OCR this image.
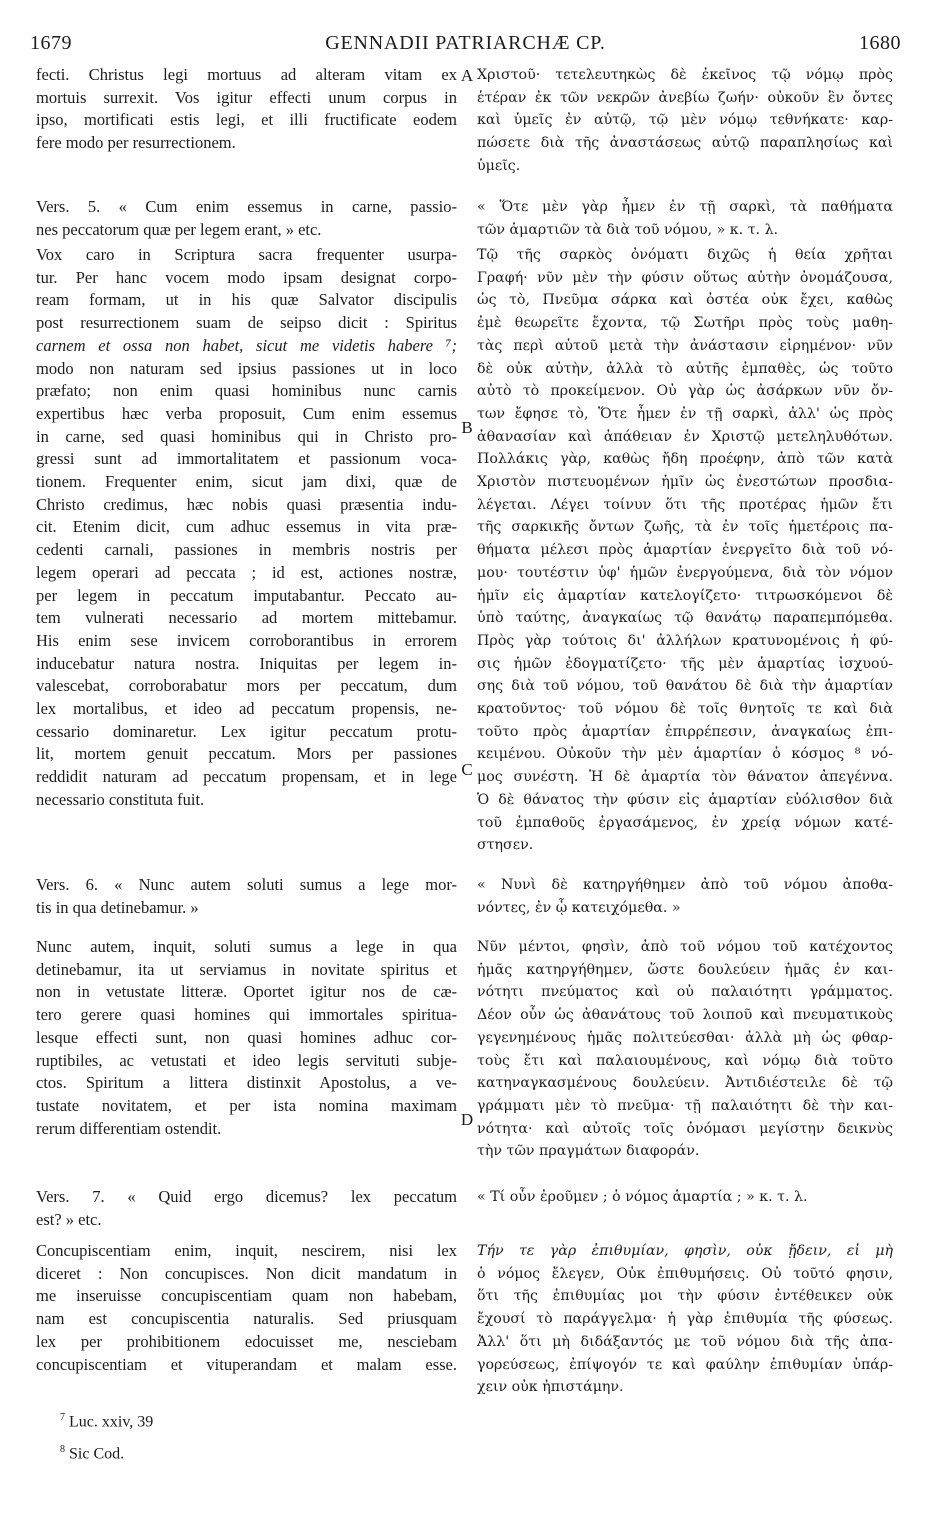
1679	GENNADII PATRIARCHÆ CP.	1680
A
B
C
D
fecti. Christus legi mortuus ad alteram vitam ex
mortuis surrexit. Vos igitur effecti unum corpus in
ipso, mortificati estis legi, et illi fructificate eodem
fere modo per resurrectionem.
Vers. 5. « Cum enim essemus in carne, passio-
nes peccatorum quæ per legem erant, » etc.
Vox caro in Scriptura sacra frequenter usurpa-
tur. Per hanc vocem modo ipsam designat corpo-
ream formam, ut in his quæ Salvator discipulis
post resurrectionem suam de seipso dicit : Spiritus
carnem et ossa non habet, sicut me videtis habere ⁷;
modo non naturam sed ipsius passiones ut in loco
præfato; non enim quasi hominibus nunc carnis
expertibus hæc verba proposuit, Cum enim essemus
in carne, sed quasi hominibus qui in Christo pro-
gressi sunt ad immortalitatem et passionum voca-
tionem. Frequenter enim, sicut jam dixi, quæ de
Christo credimus, hæc nobis quasi præsentia indu-
cit. Etenim dicit, cum adhuc essemus in vita præ-
cedenti carnali, passiones in membris nostris per
legem operari ad peccata ; id est, actiones nostræ,
per legem in peccatum imputabantur. Peccato au-
tem vulnerati necessario ad mortem mittebamur.
His enim sese invicem corroborantibus in errorem
inducebatur natura nostra. Iniquitas per legem in-
valescebat, corroborabatur mors per peccatum, dum
lex mortalibus, et ideo ad peccatum propensis, ne-
cessario dominaretur. Lex igitur peccatum protu-
lit, mortem genuit peccatum. Mors per passiones
reddidit naturam ad peccatum propensam, et in lege
necessario constituta fuit.
Vers. 6. « Nunc autem soluti sumus a lege mor-
tis in qua detinebamur. »
Nunc autem, inquit, soluti sumus a lege in qua
detinebamur, ita ut serviamus in novitate spiritus et
non in vetustate litteræ. Oportet igitur nos de cæ-
tero gerere quasi homines qui immortales spiritua-
lesque effecti sunt, non quasi homines adhuc cor-
ruptibiles, ac vetustati et ideo legis servituti subje-
ctos. Spiritum a littera distinxit Apostolus, a ve-
tustate novitatem, et per ista nomina maximam
rerum differentiam ostendit.
Vers. 7. « Quid ergo dicemus? lex peccatum
est? » etc.
Concupiscentiam enim, inquit, nescirem, nisi lex
diceret : Non concupisces. Non dicit mandatum in
me inseruisse concupiscentiam quam non habebam,
nam est concupiscentia naturalis. Sed priusquam
lex per prohibitionem edocuisset me, nesciebam
concupiscentiam et vituperandam et malam esse.
Χριστοῦ· τετελευτηκὼς δὲ ἐκεῖνος τῷ νόμῳ πρὸς
ἑτέραν ἐκ τῶν νεκρῶν ἀνεβίω ζωήν· οὐκοῦν ἓν ὄντες
καὶ ὑμεῖς ἐν αὐτῷ, τῷ μὲν νόμῳ τεθνήκατε· καρ-
πώσετε διὰ τῆς ἀναστάσεως αὐτῷ παραπλησίως καὶ
ὑμεῖς.
« Ὅτε μὲν γὰρ ἦμεν ἐν τῇ σαρκὶ, τὰ παθήματα
τῶν ἁμαρτιῶν τὰ διὰ τοῦ νόμου, » κ. τ. λ.
Τῷ τῆς σαρκὸς ὀνόματι διχῶς ἡ θεία χρῆται
Γραφή· νῦν μὲν τὴν φύσιν οὕτως αὐτὴν ὀνομάζουσα,
ὡς τὸ, Πνεῦμα σάρκα καὶ ὀστέα οὐκ ἔχει, καθὼς
ἐμὲ θεωρεῖτε ἔχοντα, τῷ Σωτῆρι πρὸς τοὺς μαθη-
τὰς περὶ αὐτοῦ μετὰ τὴν ἀνάστασιν εἰρημένον· νῦν
δὲ οὐκ αὐτὴν, ἀλλὰ τὸ αὐτῆς ἐμπαθὲς, ὡς τοῦτο
αὐτὸ τὸ προκείμενον. Οὐ γὰρ ὡς ἀσάρκων νῦν ὄν-
των ἔφησε τὸ, Ὅτε ἦμεν ἐν τῇ σαρκὶ, ἀλλ' ὡς πρὸς
ἀθανασίαν καὶ ἀπάθειαν ἐν Χριστῷ μετεληλυθότων.
Πολλάκις γὰρ, καθὼς ἤδη προέφην, ἀπὸ τῶν κατὰ
Χριστὸν πιστευομένων ἡμῖν ὡς ἐνεστώτων προσδια-
λέγεται. Λέγει τοίνυν ὅτι τῆς προτέρας ἡμῶν ἔτι
τῆς σαρκικῆς ὄντων ζωῆς, τὰ ἐν τοῖς ἡμετέροις πα-
θήματα μέλεσι πρὸς ἁμαρτίαν ἐνεργεῖτο διὰ τοῦ νό-
μου· τουτέστιν ὑφ' ἡμῶν ἐνεργούμενα, διὰ τὸν νόμον
ἡμῖν εἰς ἁμαρτίαν κατελογίζετο· τιτρωσκόμενοι δὲ
ὑπὸ ταύτης, ἀναγκαίως τῷ θανάτῳ παραπεμπόμεθα.
Πρὸς γὰρ τούτοις δι' ἀλλήλων κρατυνομένοις ἡ φύ-
σις ἡμῶν ἐδογματίζετο· τῆς μὲν ἁμαρτίας ἰσχυού-
σης διὰ τοῦ νόμου, τοῦ θανάτου δὲ διὰ τὴν ἁμαρτίαν
κρατοῦντος· τοῦ νόμου δὲ τοῖς θνητοῖς τε καὶ διὰ
τοῦτο πρὸς ἁμαρτίαν ἐπιρρέπεσιν, ἀναγκαίως ἐπι-
κειμένου. Οὐκοῦν τὴν μὲν ἁμαρτίαν ὁ κόσμος ⁸ νό-
μος συνέστη. Ἡ δὲ ἁμαρτία τὸν θάνατον ἀπεγέννα.
Ὁ δὲ θάνατος τὴν φύσιν εἰς ἁμαρτίαν εὐόλισθον διὰ
τοῦ ἐμπαθοῦς ἐργασάμενος, ἐν χρείᾳ νόμων κατέ-
στησεν.
« Νυνὶ δὲ κατηργήθημεν ἀπὸ τοῦ νόμου ἀποθα-
νόντες, ἐν ᾧ κατειχόμεθα. »
Νῦν μέντοι, φησὶν, ἀπὸ τοῦ νόμου τοῦ κατέχοντος
ἡμᾶς κατηργήθημεν, ὥστε δουλεύειν ἡμᾶς ἐν και-
νότητι πνεύματος καὶ οὐ παλαιότητι γράμματος.
Δέον οὖν ὡς ἀθανάτους τοῦ λοιποῦ καὶ πνευματικοὺς
γεγενημένους ἡμᾶς πολιτεύεσθαι· ἀλλὰ μὴ ὡς φθαρ-
τοὺς ἔτι καὶ παλαιουμένους, καὶ νόμῳ διὰ τοῦτο
κατηναγκασμένους δουλεύειν. Ἀντιδιέστειλε δὲ τῷ
γράμματι μὲν τὸ πνεῦμα· τῇ παλαιότητι δὲ τὴν και-
νότητα· καὶ αὐτοῖς τοῖς ὀνόμασι μεγίστην δεικνὺς
τὴν τῶν πραγμάτων διαφοράν.
« Τί οὖν ἐροῦμεν ; ὁ νόμος ἁμαρτία ; » κ. τ. λ.
Τήν τε γὰρ ἐπιθυμίαν, φησὶν, οὐκ ᾔδειν, εἰ μὴ
ὁ νόμος ἔλεγεν, Οὐκ ἐπιθυμήσεις. Οὐ τοῦτό φησιν,
ὅτι τῆς ἐπιθυμίας μοι τὴν φύσιν ἐντέθεικεν οὐκ
ἔχουσί τὸ παράγγελμα· ἡ γὰρ ἐπιθυμία τῆς φύσεως.
Ἀλλ' ὅτι μὴ διδάξαντός με τοῦ νόμου διὰ τῆς ἀπα-
γορεύσεως, ἐπίψογόν τε καὶ φαύλην ἐπιθυμίαν ὑπάρ-
χειν οὐκ ἠπιστάμην.
$^7$ Luc. xxiv, 39
$^8$ Sic Cod.
